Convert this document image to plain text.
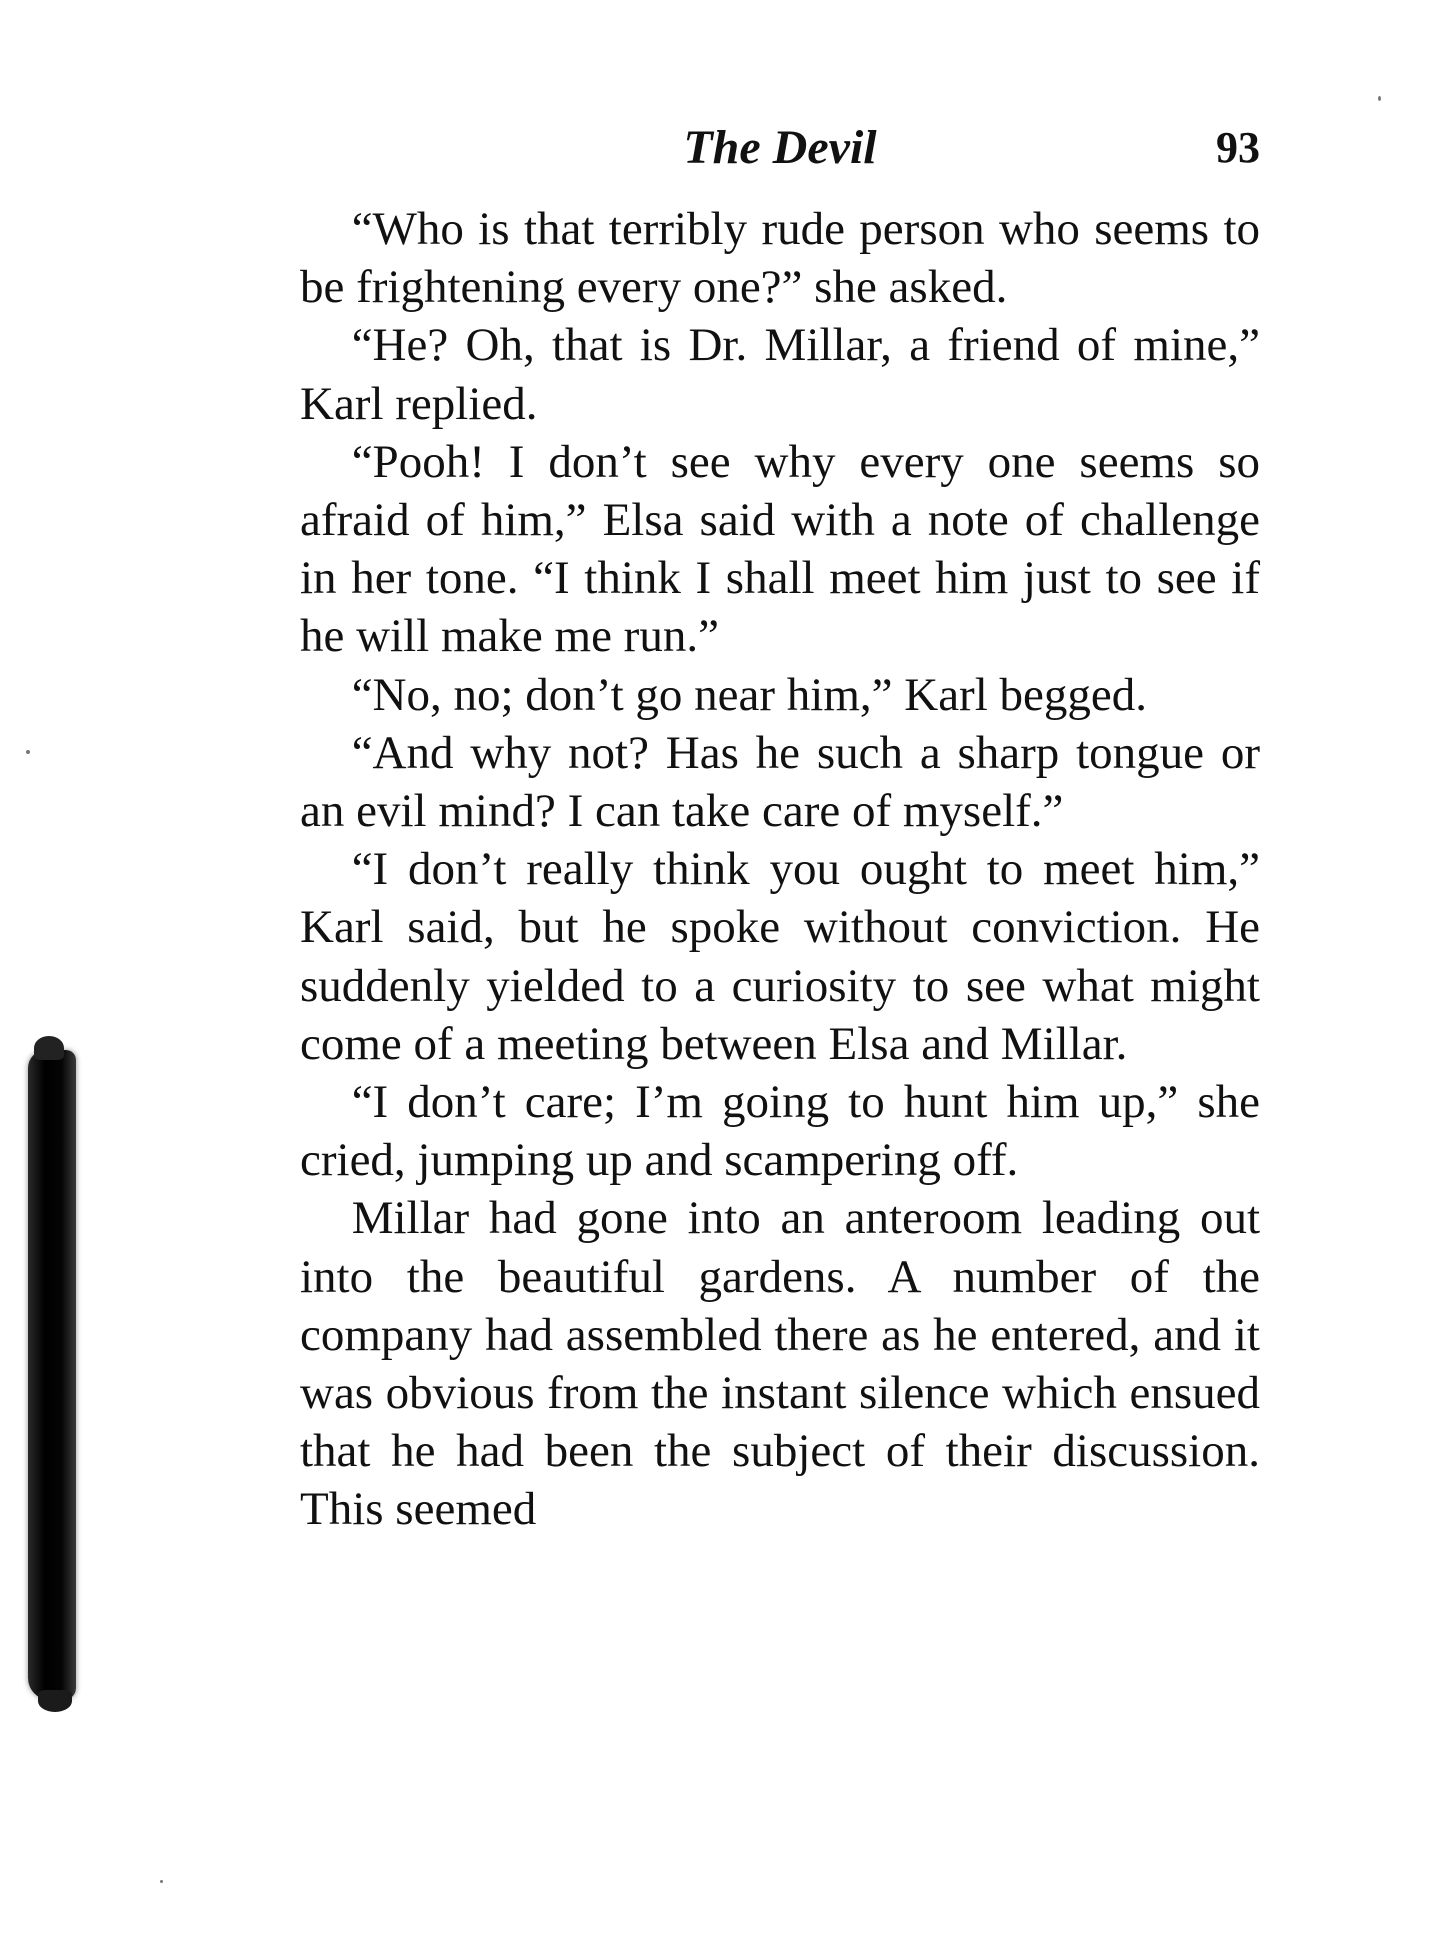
The Devil	93

“Who is that terribly rude person who seems to be frightening every one?” she asked.

“He? Oh, that is Dr. Millar, a friend of mine,” Karl replied.

“Pooh! I don’t see why every one seems so afraid of him,” Elsa said with a note of challenge in her tone. “I think I shall meet him just to see if he will make me run.”

“No, no; don’t go near him,” Karl begged.

“And why not? Has he such a sharp tongue or an evil mind? I can take care of myself.”

“I don’t really think you ought to meet him,” Karl said, but he spoke without conviction. He suddenly yielded to a curiosity to see what might come of a meeting between Elsa and Millar.

“I don’t care; I’m going to hunt him up,” she cried, jumping up and scampering off.

Millar had gone into an anteroom leading out into the beautiful gardens. A number of the company had assembled there as he entered, and it was obvious from the instant silence which ensued that he had been the subject of their discussion. This seemed
